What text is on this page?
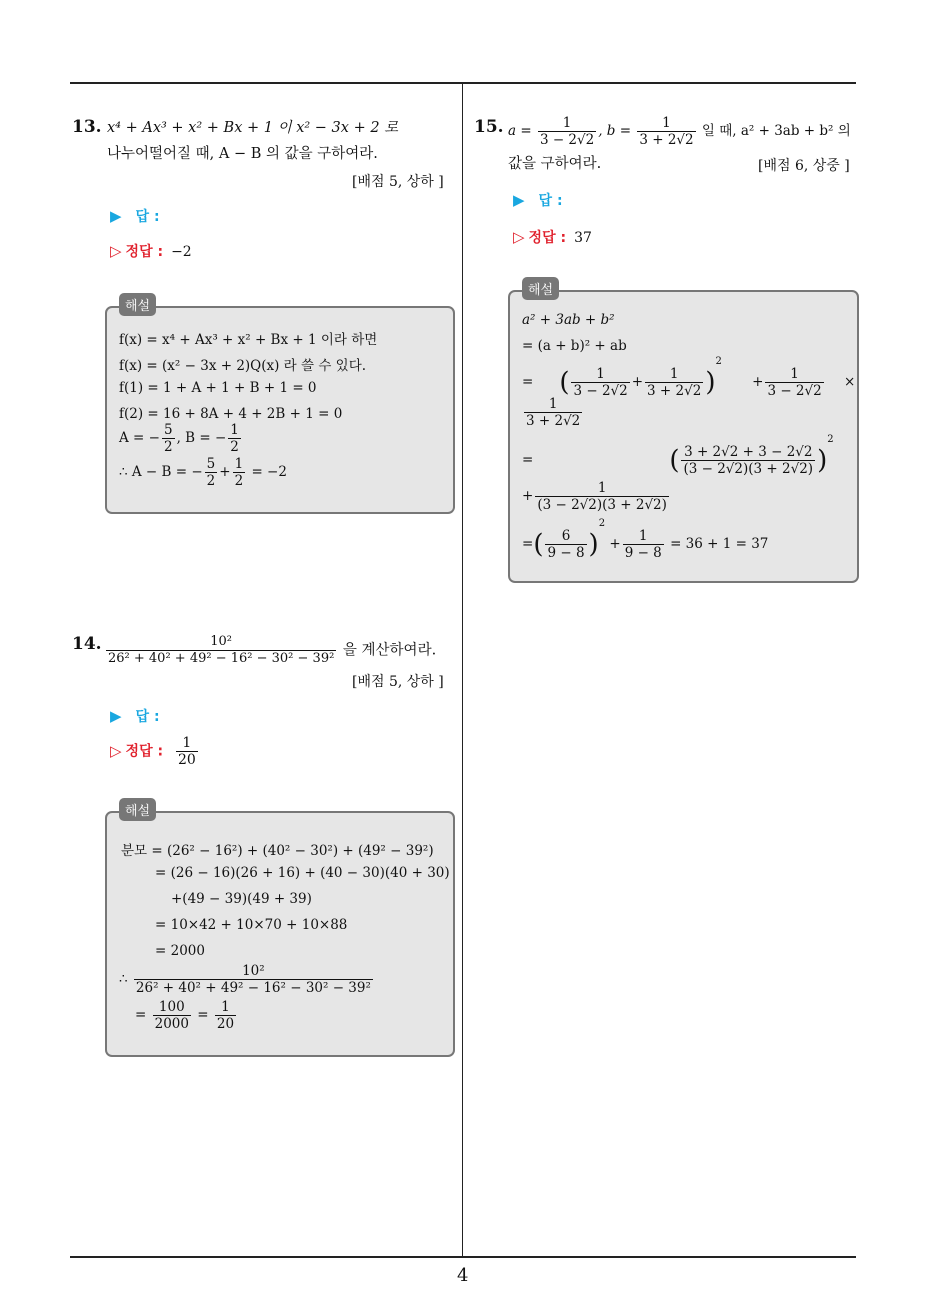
4
13. x⁴ + Ax³ + x² + Bx + 1 이 x² − 3x + 2 로
나누어떨어질 때, A − B 의 값을 구하여라.
[배점 5, 상하 ]
▶ 답 :
▷ 정답 : −2
해설
f(x) = x⁴ + Ax³ + x² + Bx + 1 이라 하면
f(x) = (x² − 3x + 2)Q(x) 라 쓸 수 있다.
f(1) = 1 + A + 1 + B + 1 = 0
f(2) = 16 + 8A + 4 + 2B + 1 = 0
A = − $\frac{5}{2}$ , B = − $\frac{1}{2}$
∴ A − B = − $\frac{5}{2} + \frac{1}{2} = -2$
14. $\frac{\text{10²}}{\text{26² + 40² + 49² − 16² − 30² − 39²}}$ 을 계산하여라.
[배점 5, 상하 ]
▶ 답 :
▷ 정답 : $\frac{1}{20}$
해설
분모 = (26² − 16²) + (40² − 30²) + (49² − 39²)
= (26 − 16)(26 + 16) + (40 − 30)(40 + 30)
+(49 − 39)(49 + 39)
= 10×42 + 10×70 + 10×88
= 2000
∴ $\frac{\text{10²}}{\text{26² + 40² + 49² − 16² − 30² − 39²}}$
= $\frac{100}{2000} = \frac{1}{20}$
15. $a = \frac{1}{3 - 2√2}$ , $b = \frac{1}{3 + 2√2}$ 일 때, a² + 3ab + b² 의
값을 구하여라.	[배점 6, 상중 ]
▶ 답 :
▷ 정답 : 37
해설
a² + 3ab + b²
= (a + b)² + ab
= ( $\frac{1}{3 - 2√2} + \frac{1}{3 + 2√2} )^2 + \frac{1}{3 - 2√2}$ ×
$\frac{1}{3 + 2√2}$
=	( $\frac{3 + 2√2 + 3 - 2√2}{(3 - 2√2)(3 + 2√2)} )^2$
+ $\frac{1}{(3 - 2√2)(3 + 2√2)}$
=( $\frac{6}{9 - 8} )^2 + \frac{1}{9 - 8} = 36 + 1 = 37$
